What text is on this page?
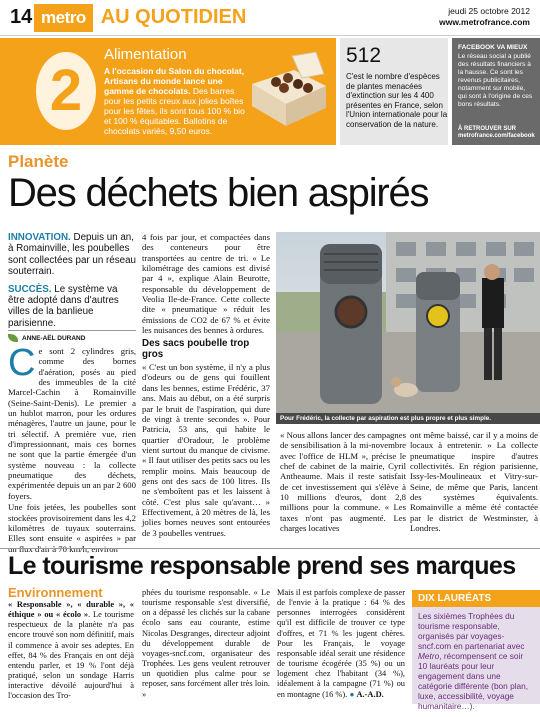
14 metro AU QUOTIDIEN	jeudi 25 octobre 2012
www.metrofrance.com
2
Alimentation
A l'occasion du Salon du chocolat, Artisans du monde lance une gamme de chocolats. Des barres pour les petits creux aux jolies boîtes pour les fêtes, ils sont tous 100 % bio et 100 % équitables. Ballotins de chocolats variés, 9,50 euros.
512
C'est le nombre d'espèces de plantes menacées d'extinction sur les 4 400 présentes en France, selon l'Union internationale pour la conservation de la nature.
FACEBOOK VA MIEUX
Le réseau social a publié des résultats financiers à la hausse. Ce sont les revenus publicitaires, notamment sur mobile, qui sont à l'origine de ces bons résultats.
À RETROUVER SUR
metrofrance.com/facebook
Planète
Des déchets bien aspirés

INNOVATION. Depuis un an, à Romainville, les poubelles sont collectées par un réseau souterrain.

SUCCÈS. Le système va être adopté dans d'autres villes de la banlieue parisienne.

ANNE-AËL DURAND
Ce sont 2 cylindres gris, comme des bornes d'aération, posés au pied des immeubles de la cité Marcel-Cachin à Romainville (Seine-Saint-Denis). Le premier a un hublot marron, pour les ordures ménagères, l'autre un jaune, pour le tri sélectif. A première vue, rien d'impressionnant, mais ces bornes ne sont que la partie émergée d'un système nouveau : la collecte pneumatique des déchets, expérimentée depuis un an par 2 600 foyers.

Une fois jetées, les poubelles sont stockées provisoirement dans les 4,2 kilomètres de tuyaux souterrains. Elles sont ensuite « aspirées » par

4 fois par jour, et compactées dans des conteneurs pour être transportées au centre de tri. « Le kilométrage des camions est divisé par 4 », explique Alain Beurotte, responsable du développement de Veolia Ile-de-France. Cette collecte dite « pneumatique » réduit les émissions de CO2 de 67 % et évite les nuisances des bennes à ordures.

Des sacs poubelle trop gros

« C'est un bon système, il n'y a plus d'odeurs ou de gens qui fouillent dans les bennes, estime Frédéric, 37 ans. Mais au début, on a été surpris par le bruit de l'aspiration, qui dure de vingt à trente secondes ». Pour Patricia, 53 ans, qui habite le quartier d'Oradour, le problème vient surtout du manque de civisme. « Il faut utiliser des petits sacs ou les remplir moins. Mais beaucoup de gens ont des sacs de 100 litres. Ils ne s'emboîtent pas et les laissent à côté. C'est plus sale qu'avant… » Effectivement, à 20 mètres de là, les jolies bornes neuves sont entourées de 3 poubelles ventrues.

Pour Frédéric, la collecte par aspiration est plus propre et plus simple.

« Nous allons lancer des campagnes de sensibilisation à la mi-novembre avec l'office de HLM », précise le chef de cabinet de la mairie, Cyril Antheaume. Mais il reste satisfait de cet investissement qui s'élève à 10 millions d'euros, dont 2,8 millions pour la commune. « Les taxes n'ont pas augmenté. Les charges locatives

ont même baissé, car il y a moins de locaux à entretenir. » La collecte pneumatique inspire d'autres collectivités. En région parisienne, Issy-les-Moulineaux et Vitry-sur-Seine, de même que Paris, lancent des systèmes équivalents. Romainville a même été contactée par le district de Westminster, à Londres.

Le tourisme responsable prend ses marques
Environnement
« Responsable », « durable », « éthique » ou « écolo ». Le tourisme respectueux de la planète n'a pas encore trouvé son nom définitif, mais il commence à avoir ses adeptes. En effet, 84 % des Français en ont déjà entendu parler, et 19 % l'ont déjà pratiqué, selon un sondage Harris interactive dévoilé aujourd'hui à l'occasion des Tro-

phées du tourisme responsable. « Le tourisme responsable s'est diversifié, on a dépassé les clichés sur la cabane écolo sans eau courante, estime Nicolas Desgranges, directeur adjoint du développement durable de voyages-sncf.com, organisateur des Trophées. Les gens veulent retrouver un quotidien plus calme pour se reposer, sans forcément aller très loin. »

Mais il est parfois complexe de passer de l'envie à la pratique : 64 % des personnes interrogées considèrent qu'il est difficile de trouver ce type d'offres, et 71 % les jugent chères. Pour les Français, le voyage responsable idéal serait une résidence de tourisme écogérée (35 %) ou un logement chez l'habitant (34 %), idéalement à la campagne (71 %) ou en montagne (16 %). ● A.-A.D.

DIX LAURÉATS
Les sixièmes Trophées du tourisme responsable, organisés par voyages-sncf.com en partenariat avec Metro, récompensent ce soir 10 lauréats pour leur engagement dans une catégorie différente (bon plan, luxe, accessibilité, voyage humanitaire…).
